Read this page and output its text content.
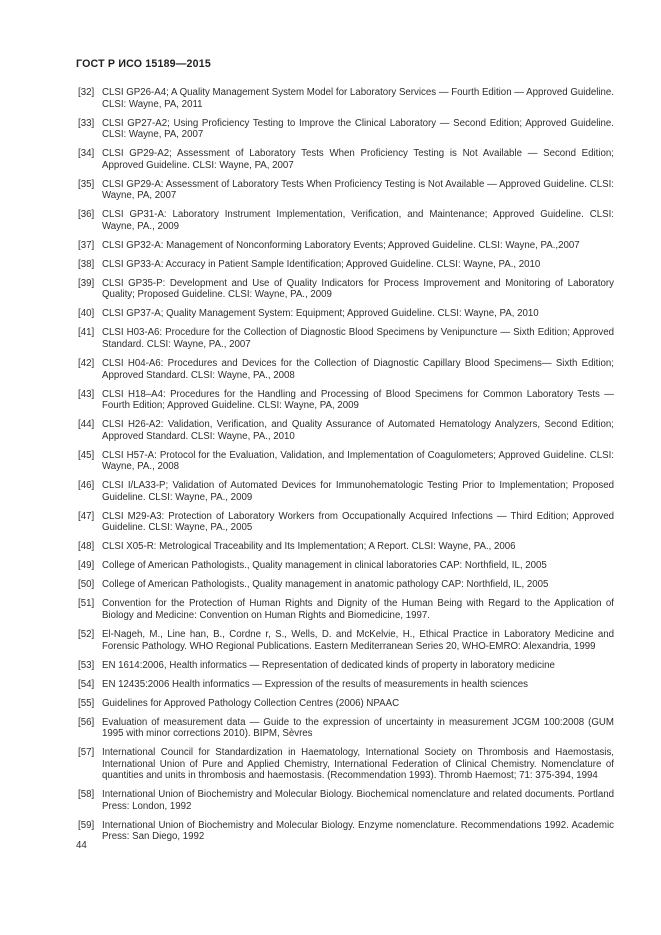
ГОСТ Р ИСО 15189—2015
[32] CLSI GP26-A4; A Quality Management System Model for Laboratory Services — Fourth Edition — Approved Guideline. CLSI: Wayne, PA, 2011
[33] CLSI GP27-A2; Using Proficiency Testing to Improve the Clinical Laboratory — Second Edition; Approved Guideline. CLSI: Wayne, PA, 2007
[34] CLSI GP29-A2; Assessment of Laboratory Tests When Proficiency Testing is Not Available — Second Edition; Approved Guideline. CLSI: Wayne, PA, 2007
[35] CLSI GP29-A: Assessment of Laboratory Tests When Proficiency Testing is Not Available — Approved Guideline. CLSI: Wayne, PA, 2007
[36] CLSI GP31-A: Laboratory Instrument Implementation, Verification, and Maintenance; Approved Guideline. CLSI: Wayne, PA., 2009
[37] CLSI GP32-A: Management of Nonconforming Laboratory Events; Approved Guideline. CLSI: Wayne, PA.,2007
[38] CLSI GP33-A: Accuracy in Patient Sample Identification; Approved Guideline. CLSI: Wayne, PA., 2010
[39] CLSI GP35-P: Development and Use of Quality Indicators for Process Improvement and Monitoring of Laboratory Quality; Proposed Guideline. CLSI: Wayne, PA., 2009
[40] CLSI GP37-A; Quality Management System: Equipment; Approved Guideline. CLSI: Wayne, PA, 2010
[41] CLSI H03-A6: Procedure for the Collection of Diagnostic Blood Specimens by Venipuncture — Sixth Edition; Approved Standard. CLSI: Wayne, PA., 2007
[42] CLSI H04-A6: Procedures and Devices for the Collection of Diagnostic Capillary Blood Specimens— Sixth Edition; Approved Standard. CLSI: Wayne, PA., 2008
[43] CLSI H18–A4: Procedures for the Handling and Processing of Blood Specimens for Common Laboratory Tests — Fourth Edition; Approved Guideline. CLSI: Wayne, PA, 2009
[44] CLSI H26-A2: Validation, Verification, and Quality Assurance of Automated Hematology Analyzers, Second Edition; Approved Standard. CLSI: Wayne, PA., 2010
[45] CLSI H57-A: Protocol for the Evaluation, Validation, and Implementation of Coagulometers; Approved Guideline. CLSI: Wayne, PA., 2008
[46] CLSI I/LA33-P; Validation of Automated Devices for Immunohematologic Testing Prior to Implementation; Proposed Guideline. CLSI: Wayne, PA., 2009
[47] CLSI M29-A3: Protection of Laboratory Workers from Occupationally Acquired Infections — Third Edition; Approved Guideline. CLSI: Wayne, PA., 2005
[48] CLSI X05-R: Metrological Traceability and Its Implementation; A Report. CLSI: Wayne, PA., 2006
[49] College of American Pathologists., Quality management in clinical laboratories CAP: Northfield, IL, 2005
[50] College of American Pathologists., Quality management in anatomic pathology CAP: Northfield, IL, 2005
[51] Convention for the Protection of Human Rights and Dignity of the Human Being with Regard to the Application of Biology and Medicine: Convention on Human Rights and Biomedicine, 1997.
[52] El-Nageh, M., Line han, B., Cordne r, S., Wells, D. and McKelvie, H., Ethical Practice in Laboratory Medicine and Forensic Pathology. WHO Regional Publications. Eastern Mediterranean Series 20, WHO-EMRO: Alexandria, 1999
[53] EN 1614:2006, Health informatics — Representation of dedicated kinds of property in laboratory medicine
[54] EN 12435:2006 Health informatics — Expression of the results of measurements in health sciences
[55] Guidelines for Approved Pathology Collection Centres (2006) NPAAC
[56] Evaluation of measurement data — Guide to the expression of uncertainty in measurement JCGM 100:2008 (GUM 1995 with minor corrections 2010). BIPM, Sèvres
[57] International Council for Standardization in Haematology, International Society on Thrombosis and Haemostasis, International Union of Pure and Applied Chemistry, International Federation of Clinical Chemistry. Nomenclature of quantities and units in thrombosis and haemostasis. (Recommendation 1993). Thromb Haemost; 71: 375-394, 1994
[58] International Union of Biochemistry and Molecular Biology. Biochemical nomenclature and related documents. Portland Press: London, 1992
[59] International Union of Biochemistry and Molecular Biology. Enzyme nomenclature. Recommendations 1992. Academic Press: San Diego, 1992
44
